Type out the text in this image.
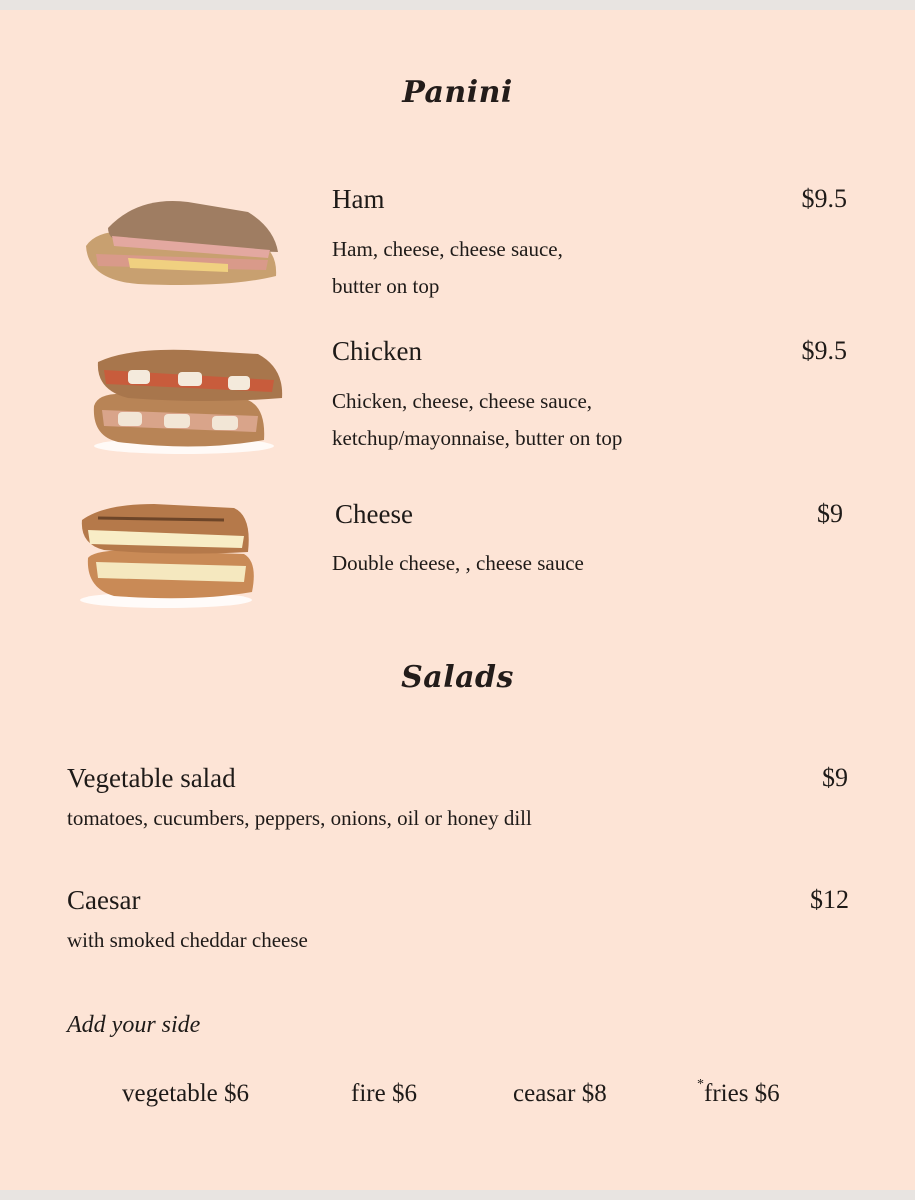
Panini
Ham	$9.5
Ham, cheese, cheese sauce,
butter on top
Chicken	$9.5
Chicken, cheese, cheese sauce,
ketchup/mayonnaise, butter on top
Cheese	$9
Double cheese, , cheese sauce
Salads
Vegetable salad	$9
tomatoes, cucumbers, peppers, onions, oil or honey dill
Caesar	$12
with smoked cheddar cheese
Add your side
vegetable $6	fire $6	ceasar $8	*fries $6
